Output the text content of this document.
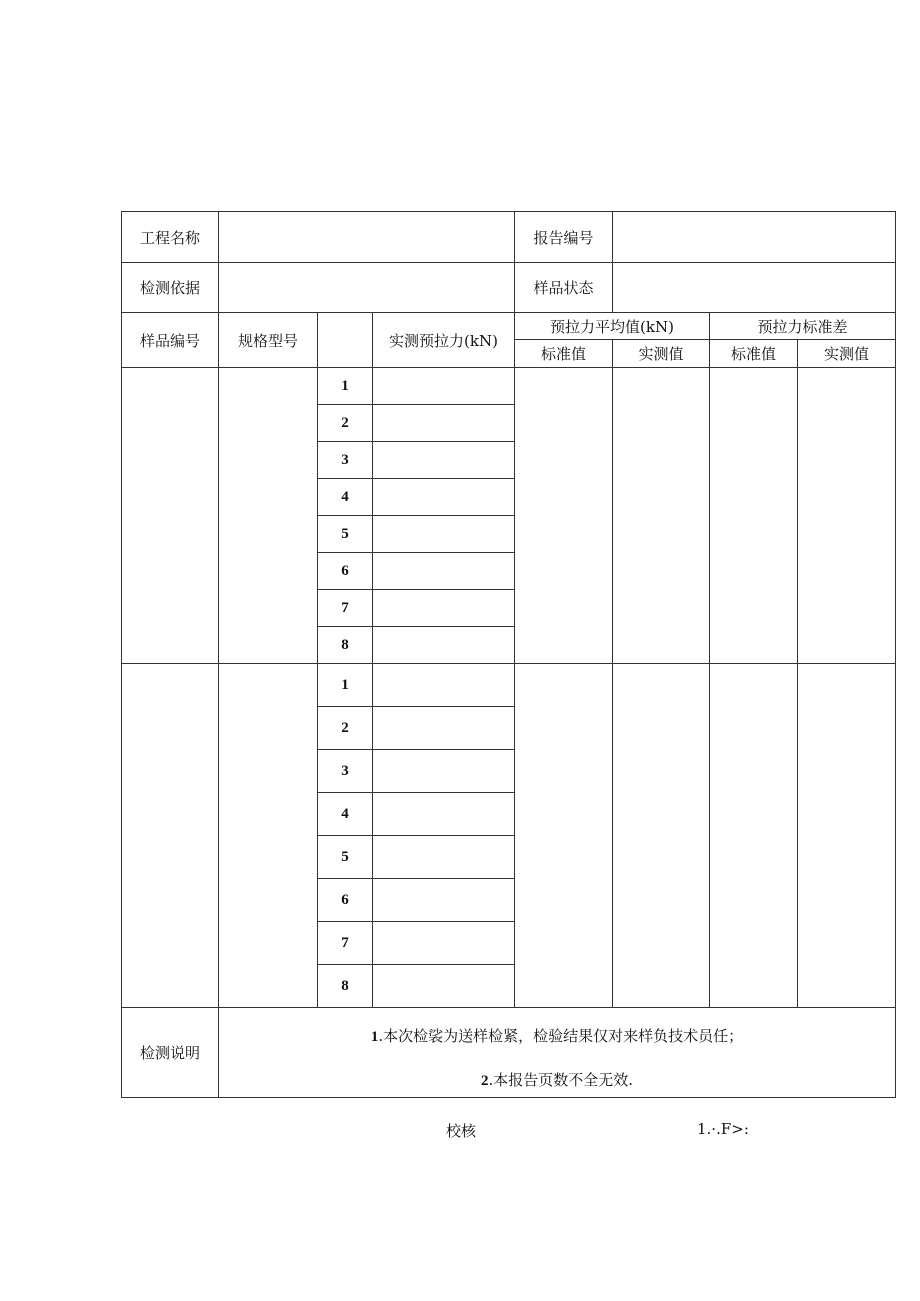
工程名称				报告编号			
检测依据				样品状态			
样品编号	规格型号		实测预拉力(kN)	预拉力平均值(kN)		预拉力标准差	
				标准值	实测值	标准值	实测值
		1					
		2					
		3					
		4					
		5					
		6					
		7					
		8					
		1					
		2					
		3					
		4					
		5					
		6					
		7					
		8					
检测说明	1.本次检裟为送样检紧，检验结果仅对来样负技术员任；
2.本报告页数不全无效.						
校核	1.·.F>:
